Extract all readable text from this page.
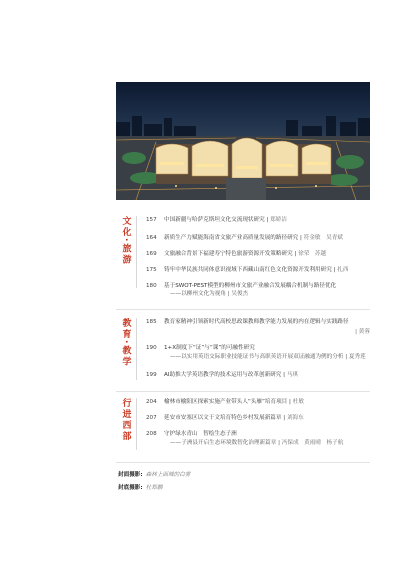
文化·旅游	157 中国新疆与哈萨克斯坦文化交流现状研究 | 郑娇洁
164 新质生产力赋能海南省文旅产业高质量发展的路径研究 | 符金敏　吴青斌
169 文旅融合背景下福建寿宁特色旅游资源开发策略研究 | 徐荣　苏越
175 铸牢中华民族共同体意识视域下西藏山南红色文化资源开发利用研究 | 扎西
180 基于SWOT-PEST模型的柳州市文旅产业融合发展耦合机制与路径优化
——以柳州文化为视角 | 吴俊杰
教育·教学	185 教育家精神引领新时代高校思政课教师教学能力发展的内在逻辑与实践路径
| 黄蓉
190 1+X制度下“证”与“课”的可融性研究
——以实用英语交际职业技能证书与高职英语开展双证融通为例的分析 | 夏秀莲
199 AI助推大学英语教学的技术运用与改革创新研究 | 马琪
行进西部	204 榆林市榆阳区探索实施产业带头人“头雁”培育项目 | 杜敏
207 延安市安塞区以文干文培育特色乡村发展新篇章 | 刘海东
208 守护绿水青山　智绘生态子洲
——子洲县开启生态环境数智化治理新篇章 | 冯保成　黄雨晴　杨子航
封面摄影: 森林上面城的白雾
封底摄影: 杜郑鹏
